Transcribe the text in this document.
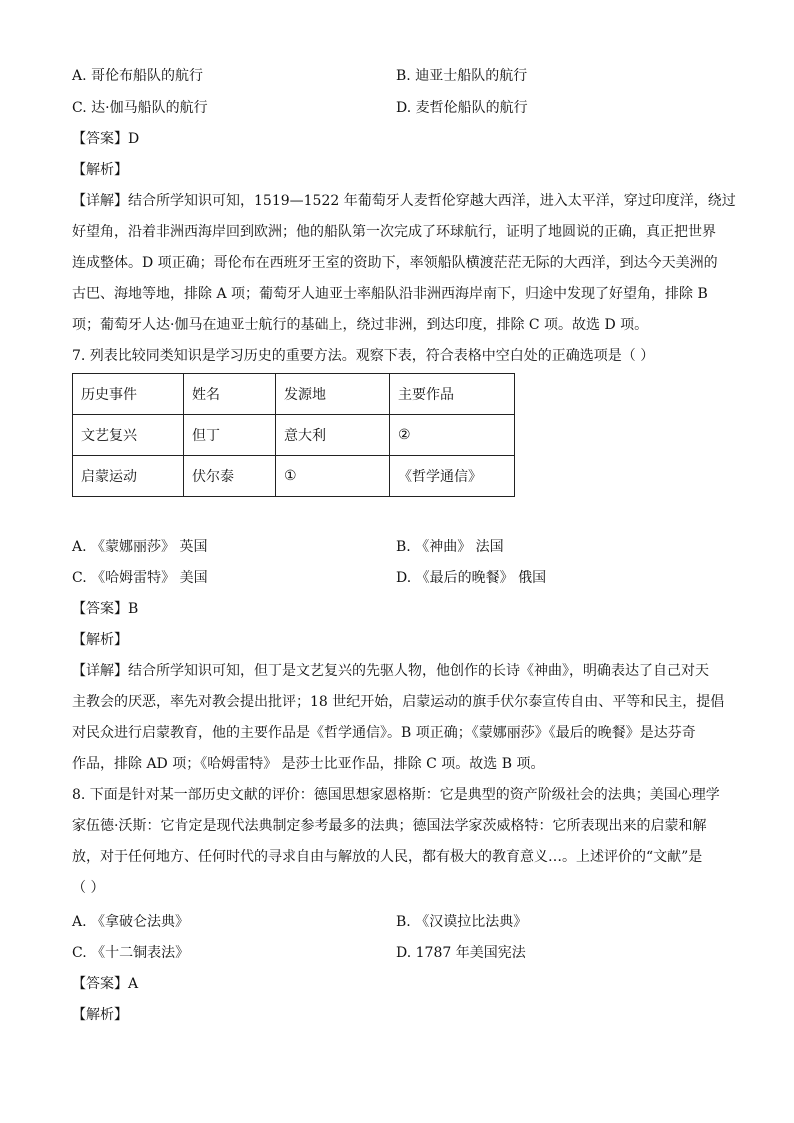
A. 哥伦布船队的航行	B. 迪亚士船队的航行
C. 达·伽马船队的航行	D. 麦哲伦船队的航行
【答案】D
【解析】
【详解】结合所学知识可知，1519—1522 年葡萄牙人麦哲伦穿越大西洋，进入太平洋，穿过印度洋，绕过
好望角，沿着非洲西海岸回到欧洲；他的船队第一次完成了环球航行，证明了地圆说的正确，真正把世界
连成整体。D 项正确；哥伦布在西班牙王室的资助下，率领船队横渡茫茫无际的大西洋，到达今天美洲的
古巴、海地等地，排除 A 项；葡萄牙人迪亚士率船队沿非洲西海岸南下，归途中发现了好望角，排除 B
项；葡萄牙人达·伽马在迪亚士航行的基础上，绕过非洲，到达印度，排除 C 项。故选 D 项。
7. 列表比较同类知识是学习历史的重要方法。观察下表，符合表格中空白处的正确选项是（ ）
历史事件	姓名	发源地	主要作品
文艺复兴	但丁	意大利	②
启蒙运动	伏尔泰	①	《哲学通信》
A. 《蒙娜丽莎》 英国	B. 《神曲》 法国
C. 《哈姆雷特》 美国	D. 《最后的晚餐》 俄国
【答案】B
【解析】
【详解】结合所学知识可知，但丁是文艺复兴的先驱人物，他创作的长诗《神曲》，明确表达了自己对天
主教会的厌恶，率先对教会提出批评；18 世纪开始，启蒙运动的旗手伏尔泰宣传自由、平等和民主，提倡
对民众进行启蒙教育，他的主要作品是《哲学通信》。B 项正确；《蒙娜丽莎》《最后的晚餐》是达芬奇
作品，排除 AD 项；《哈姆雷特》 是莎士比亚作品，排除 C 项。故选 B 项。
8. 下面是针对某一部历史文献的评价：德国思想家恩格斯：它是典型的资产阶级社会的法典；美国心理学
家伍德·沃斯：它肯定是现代法典制定参考最多的法典；德国法学家茨威格特：它所表现出来的启蒙和解
放，对于任何地方、任何时代的寻求自由与解放的人民，都有极大的教育意义…。上述评价的“文献”是
（ ）
A. 《拿破仑法典》	B. 《汉谟拉比法典》
C. 《十二铜表法》	D. 1787 年美国宪法
【答案】A
【解析】
